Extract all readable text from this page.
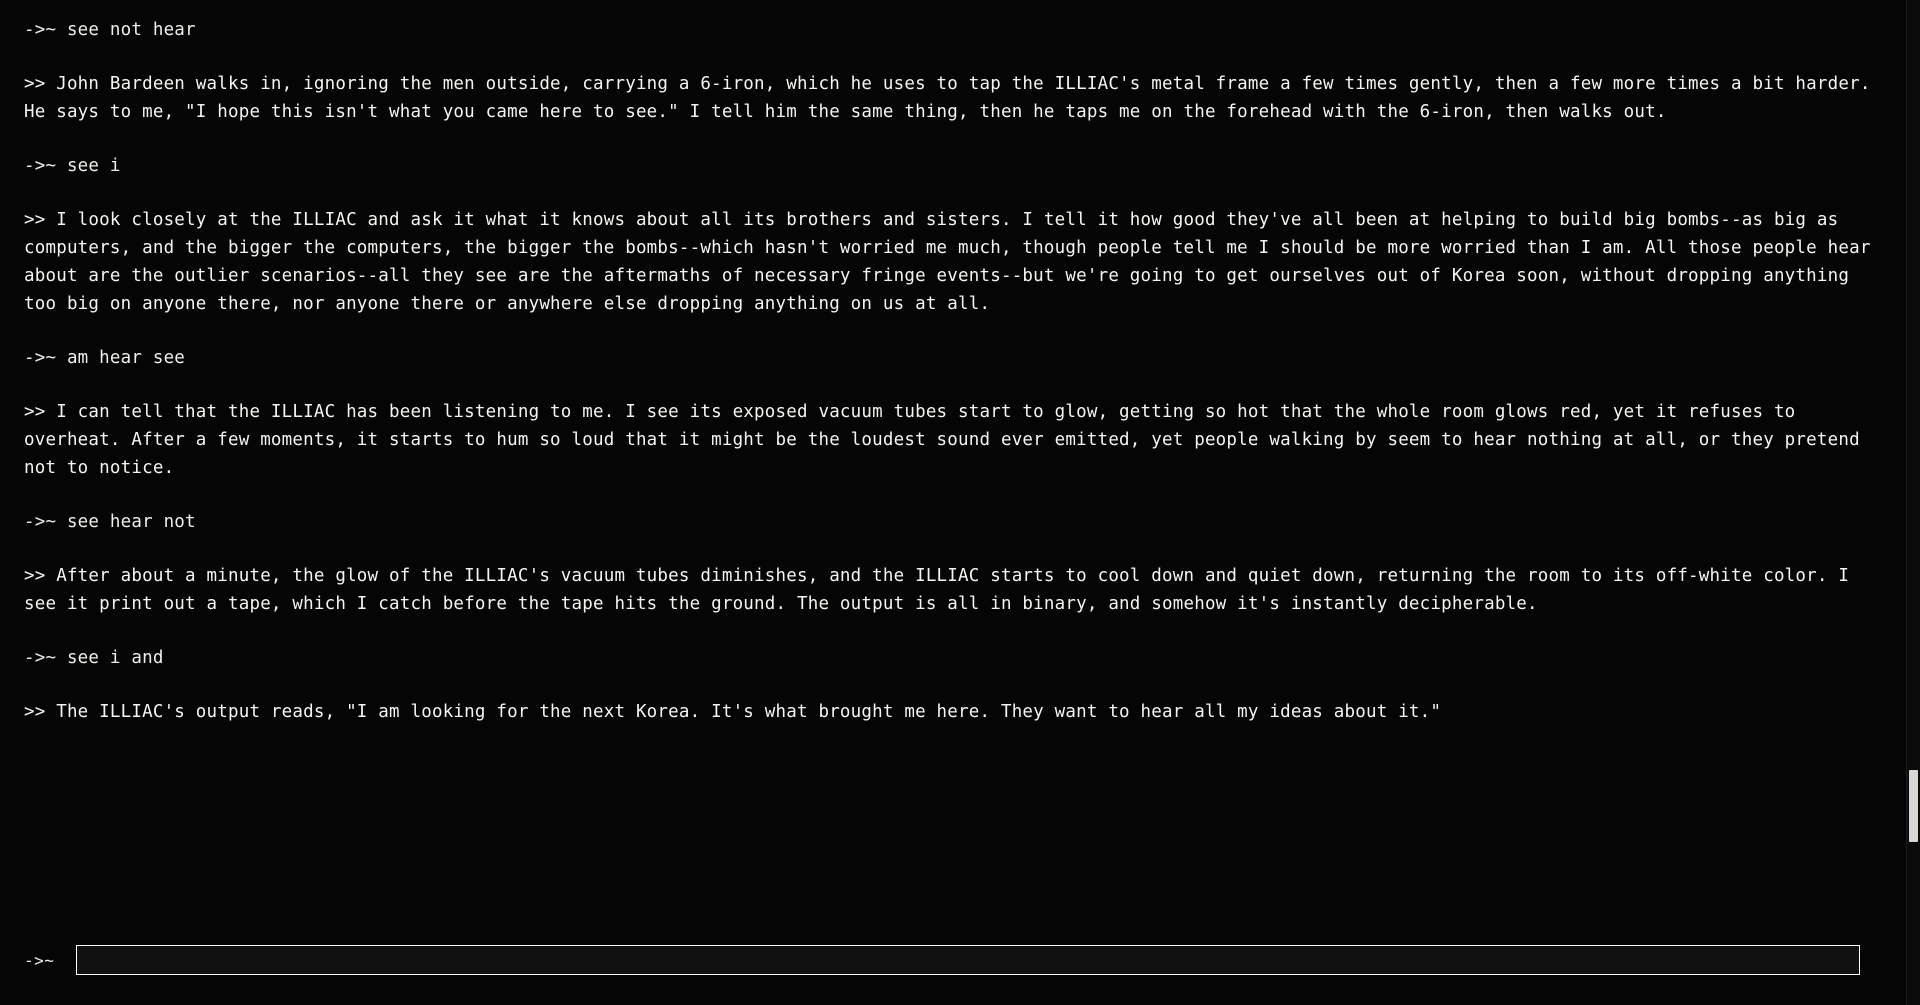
->~ see not hear

>> John Bardeen walks in, ignoring the men outside, carrying a 6-iron, which he uses to tap the ILLIAC's metal frame a few times gently, then a few more times a bit harder. He says to me, "I hope this isn't what you came here to see." I tell him the same thing, then he taps me on the forehead with the 6-iron, then walks out.

->~ see i

>> I look closely at the ILLIAC and ask it what it knows about all its brothers and sisters. I tell it how good they've all been at helping to build big bombs--as big as computers, and the bigger the computers, the bigger the bombs--which hasn't worried me much, though people tell me I should be more worried than I am. All those people hear about are the outlier scenarios--all they see are the aftermaths of necessary fringe events--but we're going to get ourselves out of Korea soon, without dropping anything too big on anyone there, nor anyone there or anywhere else dropping anything on us at all.

->~ am hear see

>> I can tell that the ILLIAC has been listening to me. I see its exposed vacuum tubes start to glow, getting so hot that the whole room glows red, yet it refuses to overheat. After a few moments, it starts to hum so loud that it might be the loudest sound ever emitted, yet people walking by seem to hear nothing at all, or they pretend not to notice.

->~ see hear not

>> After about a minute, the glow of the ILLIAC's vacuum tubes diminishes, and the ILLIAC starts to cool down and quiet down, returning the room to its off-white color. I see it print out a tape, which I catch before the tape hits the ground. The output is all in binary, and somehow it's instantly decipherable.

->~ see i and

>> The ILLIAC's output reads, "I am looking for the next Korea. It's what brought me here. They want to hear all my ideas about it."

->~
